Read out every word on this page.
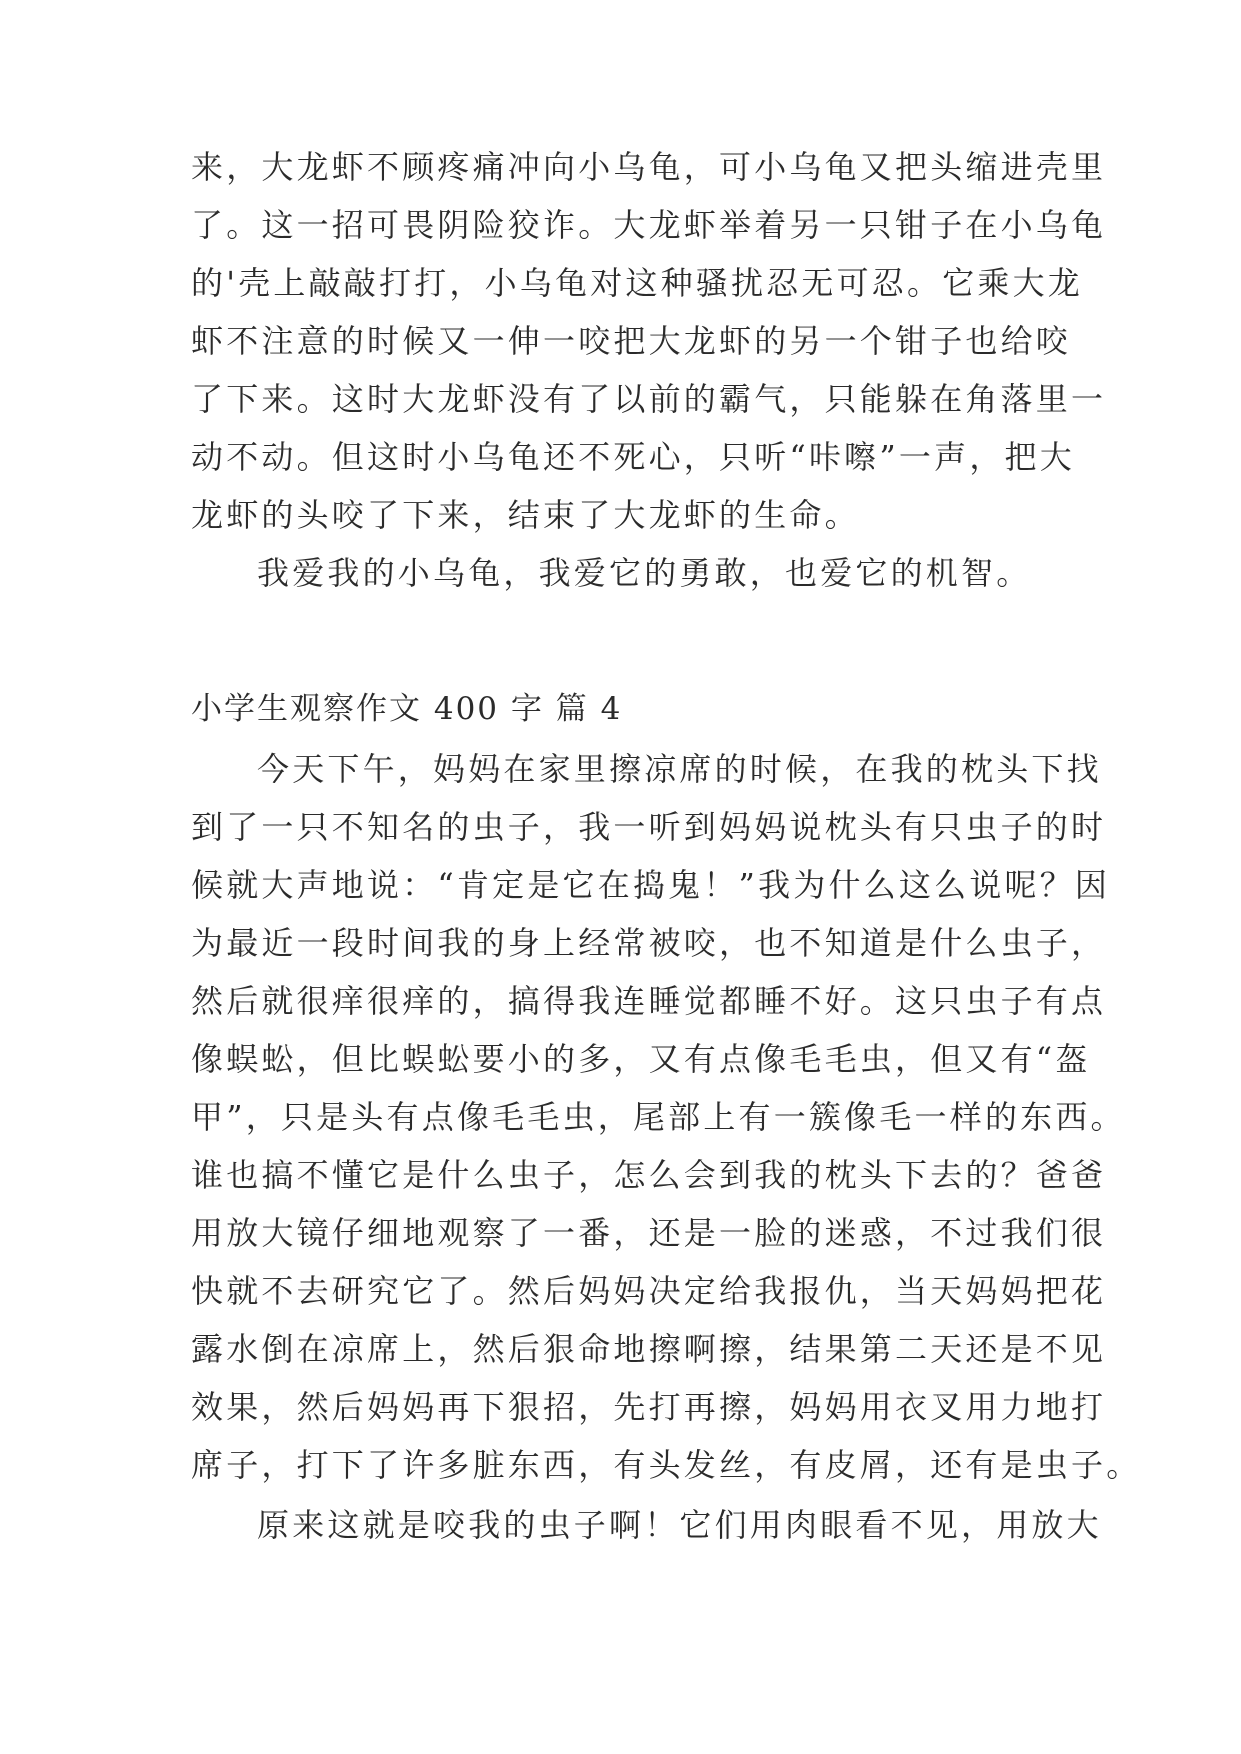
来，大龙虾不顾疼痛冲向小乌龟，可小乌龟又把头缩进壳里
了。这一招可畏阴险狡诈。大龙虾举着另一只钳子在小乌龟
的'壳上敲敲打打，小乌龟对这种骚扰忍无可忍。它乘大龙
虾不注意的时候又一伸一咬把大龙虾的另一个钳子也给咬
了下来。这时大龙虾没有了以前的霸气，只能躲在角落里一
动不动。但这时小乌龟还不死心，只听“咔嚓”一声，把大
龙虾的头咬了下来，结束了大龙虾的生命。
我爱我的小乌龟，我爱它的勇敢，也爱它的机智。
小学生观察作文 400 字 篇 4
今天下午，妈妈在家里擦凉席的时候，在我的枕头下找
到了一只不知名的虫子，我一听到妈妈说枕头有只虫子的时
候就大声地说：“肯定是它在捣鬼！”我为什么这么说呢？因
为最近一段时间我的身上经常被咬，也不知道是什么虫子，
然后就很痒很痒的，搞得我连睡觉都睡不好。这只虫子有点
像蜈蚣，但比蜈蚣要小的多，又有点像毛毛虫，但又有“盔
甲”，只是头有点像毛毛虫，尾部上有一簇像毛一样的东西。
谁也搞不懂它是什么虫子，怎么会到我的枕头下去的？爸爸
用放大镜仔细地观察了一番，还是一脸的迷惑，不过我们很
快就不去研究它了。然后妈妈决定给我报仇，当天妈妈把花
露水倒在凉席上，然后狠命地擦啊擦，结果第二天还是不见
效果，然后妈妈再下狠招，先打再擦，妈妈用衣叉用力地打
席子，打下了许多脏东西，有头发丝，有皮屑，还有是虫子。
原来这就是咬我的虫子啊！它们用肉眼看不见，用放大
